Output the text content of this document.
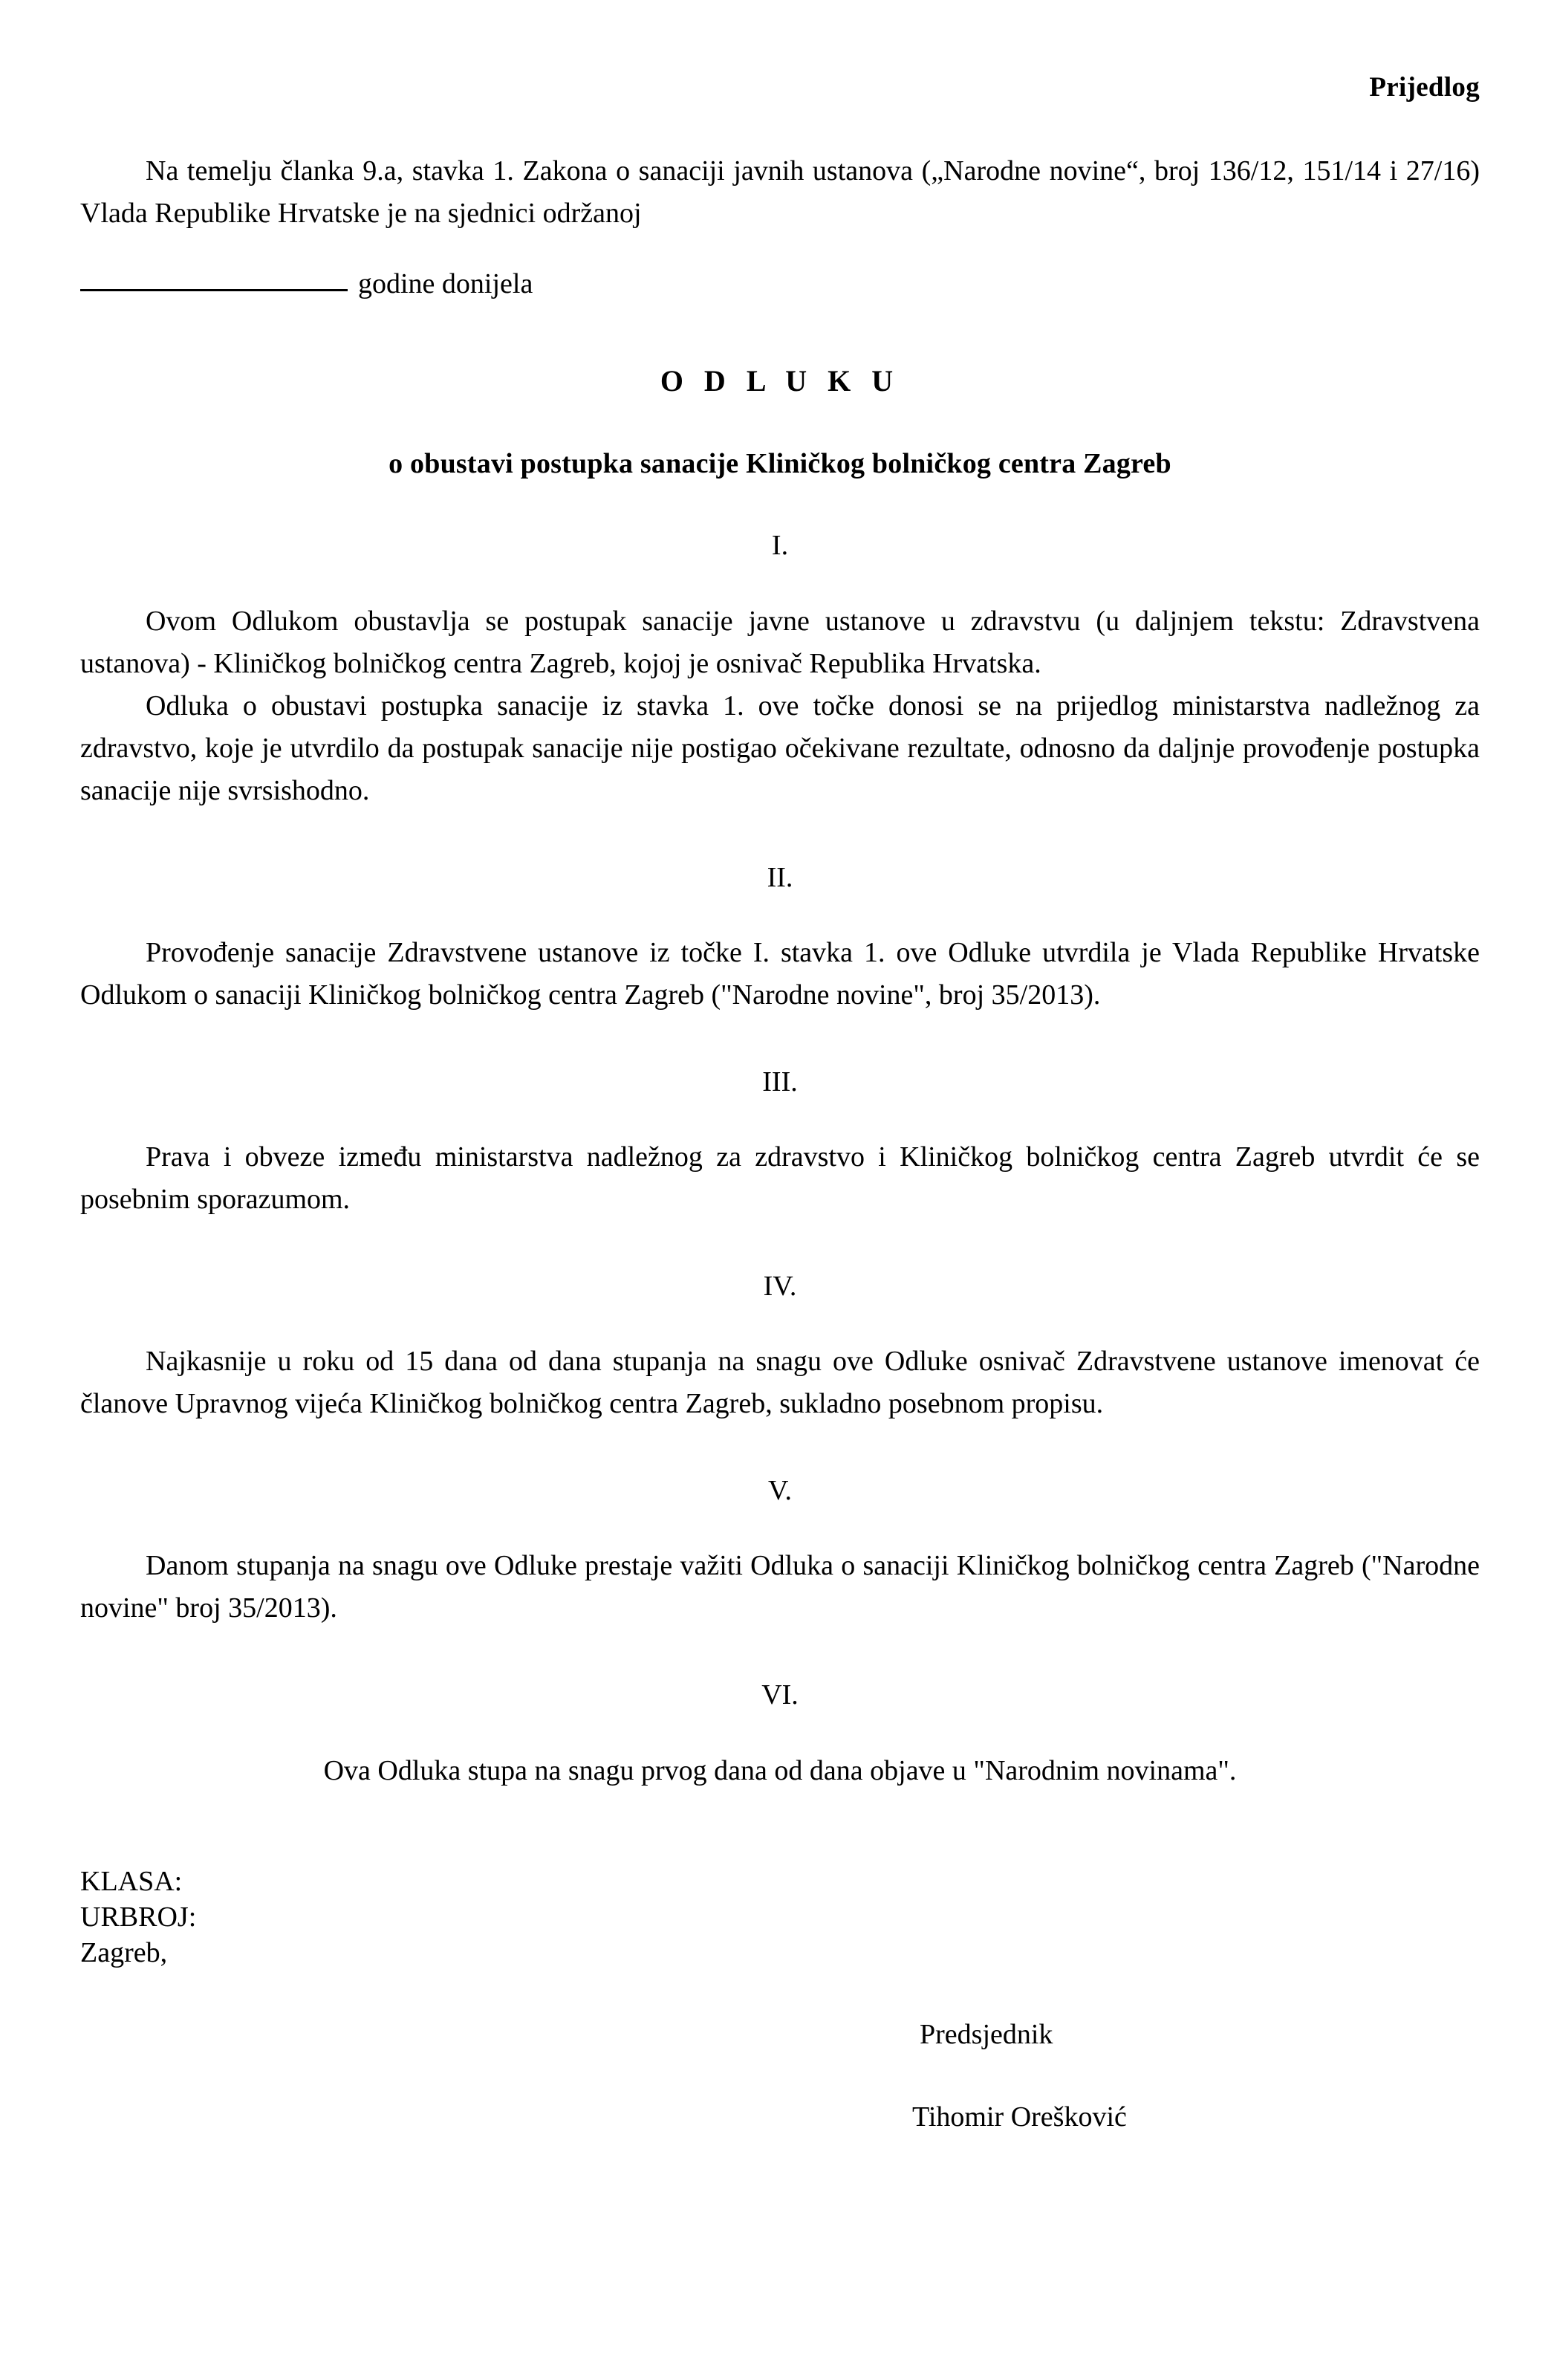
Prijedlog

Na temelju članka 9.a, stavka 1. Zakona o sanaciji javnih ustanova („Narodne novine“, broj 136/12, 151/14 i 27/16) Vlada Republike Hrvatske je na sjednici održanoj

godine donijela
O D L U K U
o obustavi postupka sanacije Kliničkog bolničkog centra Zagreb
I.

Ovom Odlukom obustavlja se postupak sanacije javne ustanove u zdravstvu (u daljnjem tekstu: Zdravstvena ustanova) - Kliničkog bolničkog centra Zagreb, kojoj je osnivač Republika Hrvatska.

Odluka o obustavi postupka sanacije iz stavka 1. ove točke donosi se na prijedlog ministarstva nadležnog za zdravstvo, koje je utvrdilo da postupak sanacije nije postigao očekivane rezultate, odnosno da daljnje provođenje postupka sanacije nije svrsishodno.

II.

Provođenje sanacije Zdravstvene ustanove iz točke I. stavka 1. ove Odluke utvrdila je Vlada Republike Hrvatske Odlukom o sanaciji Kliničkog bolničkog centra Zagreb ("Narodne novine", broj 35/2013).

III.

Prava i obveze između ministarstva nadležnog za zdravstvo i Kliničkog bolničkog centra Zagreb utvrdit će se posebnim sporazumom.

IV.

Najkasnije u roku od 15 dana od dana stupanja na snagu ove Odluke osnivač Zdravstvene ustanove imenovat će članove Upravnog vijeća Kliničkog bolničkog centra Zagreb, sukladno posebnom propisu.

V.

Danom stupanja na snagu ove Odluke prestaje važiti Odluka o sanaciji Kliničkog bolničkog centra Zagreb ("Narodne novine" broj 35/2013).

VI.

Ova Odluka stupa na snagu prvog dana od dana objave u "Narodnim novinama".

KLASA:
URBROJ:
Zagreb,
Predsjednik
Tihomir Orešković
